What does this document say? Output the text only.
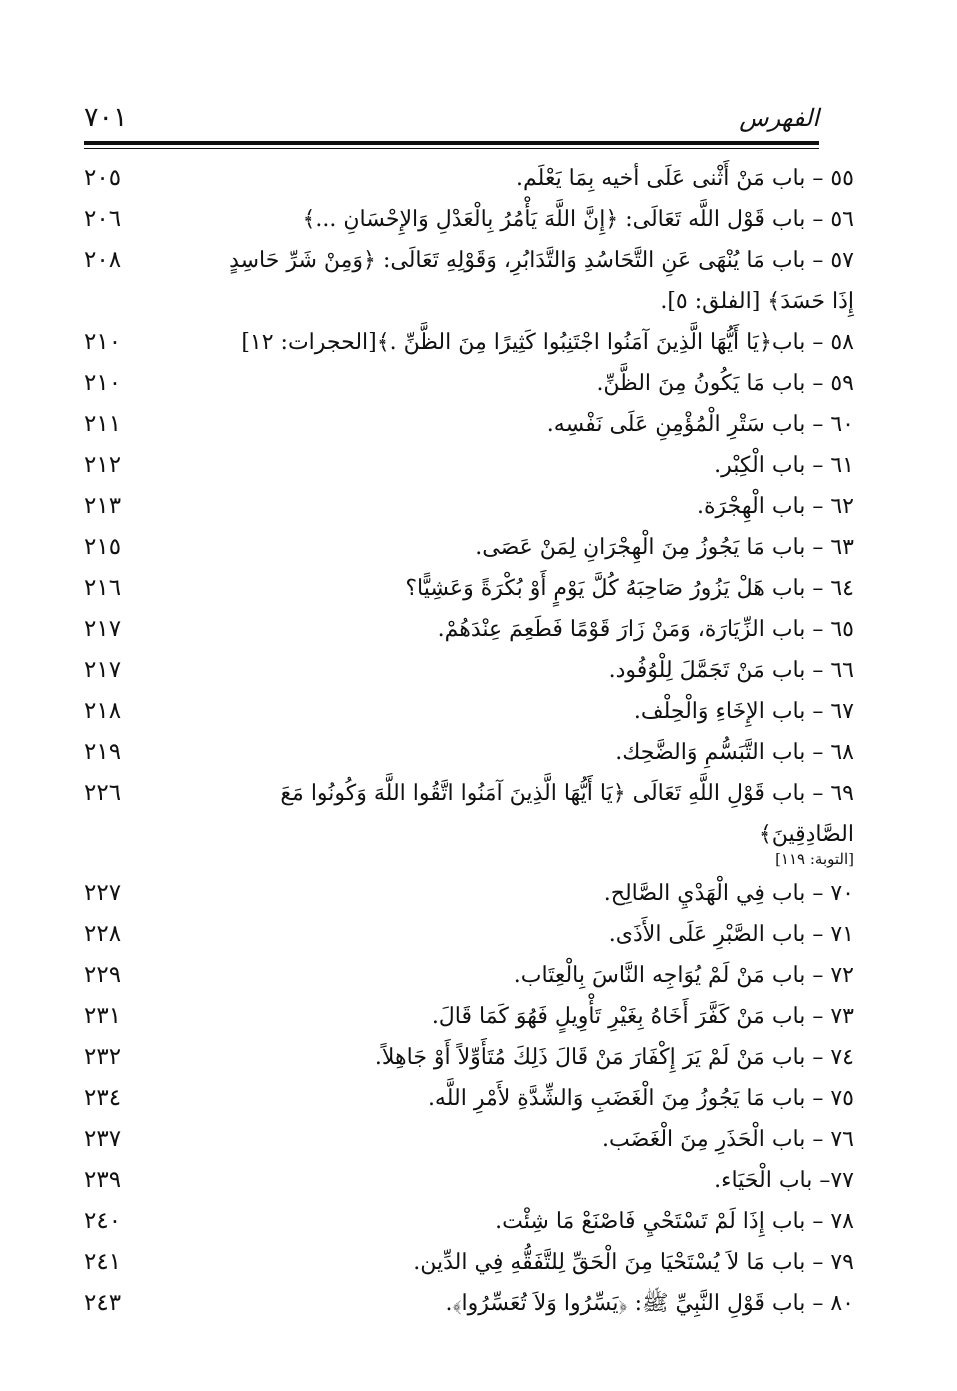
٧٠١	الفهرس
٥٥ – باب مَنْ أَثْنى عَلَى أخيه بِمَا يَعْلَم.
٢٠٥
٥٦ – باب قَوْل اللَّه تَعَالَى: ﴿إِنَّ اللَّهَ يَأْمُرُ بِالْعَدْلِ وَالإِحْسَانِ ...﴾
٢٠٦
٥٧ – باب مَا يُنْهَى عَنِ التَّحَاسُدِ وَالتَّدَابُرِ، وَقَوْلِهِ تَعَالَى: ﴿وَمِنْ شَرِّ حَاسِدٍ إِذَا حَسَدَ﴾ [الفلق: ٥].
٢٠٨
٥٨ – باب﴿يَا أَيُّهَا الَّذِينَ آمَنُوا اجْتَنِبُوا كَثِيرًا مِنَ الظَّنِّ .﴾[الحجرات: ١٢]
٢١٠
٥٩ – باب مَا يَكُونُ مِنَ الظَّنِّ.
٢١٠
٦٠ – باب سَتْرِ الْمُؤْمِنِ عَلَى نَفْسِه.
٢١١
٦١ – باب الْكِبْر.
٢١٢
٦٢ – باب الْهِجْرَة.
٢١٣
٦٣ – باب مَا يَجُوزُ مِنَ الْهِجْرَانِ لِمَنْ عَصَى.
٢١٥
٦٤ – باب هَلْ يَزُورُ صَاحِبَهُ كُلَّ يَوْمٍ أَوْ بُكْرَةً وَعَشِيًّا؟
٢١٦
٦٥ – باب الزِّيَارَة، وَمَنْ زَارَ قَوْمًا فَطَعِمَ عِنْدَهُمْ.
٢١٧
٦٦ – باب مَنْ تَجَمَّلَ لِلْوُفُود.
٢١٧
٦٧ – باب الإِخَاءِ وَالْحِلْف.
٢١٨
٦٨ – باب التَّبَسُّمِ وَالضَّحِك.
٢١٩
٦٩ – باب قَوْلِ اللَّهِ تَعَالَى ﴿يَا أَيُّهَا الَّذِينَ آمَنُوا اتَّقُوا اللَّهَ وَكُونُوا مَعَ الصَّادِقِينَ﴾
٢٢٦
[التوبة: ١١٩]
٧٠ – باب فِي الْهَدْيِ الصَّالِح.
٢٢٧
٧١ – باب الصَّبْرِ عَلَى الأَذَى.
٢٢٨
٧٢ – باب مَنْ لَمْ يُوَاجِه النَّاسَ بِالْعِتَاب.
٢٢٩
٧٣ – باب مَنْ كَفَّرَ أَخَاهُ بِغَيْرِ تَأْوِيلٍ فَهُوَ كَمَا قَالَ.
٢٣١
٧٤ – باب مَنْ لَمْ يَرَ إِكْفَارَ مَنْ قَالَ ذَلِكَ مُتَأَوِّلاً أَوْ جَاهِلاً.
٢٣٢
٧٥ – باب مَا يَجُوزُ مِنَ الْغَضَبِ وَالشِّدَّةِ لأَمْرِ اللَّه.
٢٣٤
٧٦ – باب الْحَذَرِ مِنَ الْغَضَب.
٢٣٧
٧٧– باب الْحَيَاء.
٢٣٩
٧٨ – باب إِذَا لَمْ تَسْتَحْيِ فَاصْنَعْ مَا شِئْت.
٢٤٠
٧٩ – باب مَا لاَ يُسْتَحْيَا مِنَ الْحَقِّ لِلتَّفَقُّهِ فِي الدِّين.
٢٤١
٨٠ – باب قَوْلِ النَّبِيِّ ﷺ: ﴿يَسِّرُوا وَلاَ تُعَسِّرُوا﴾.
٢٤٣
